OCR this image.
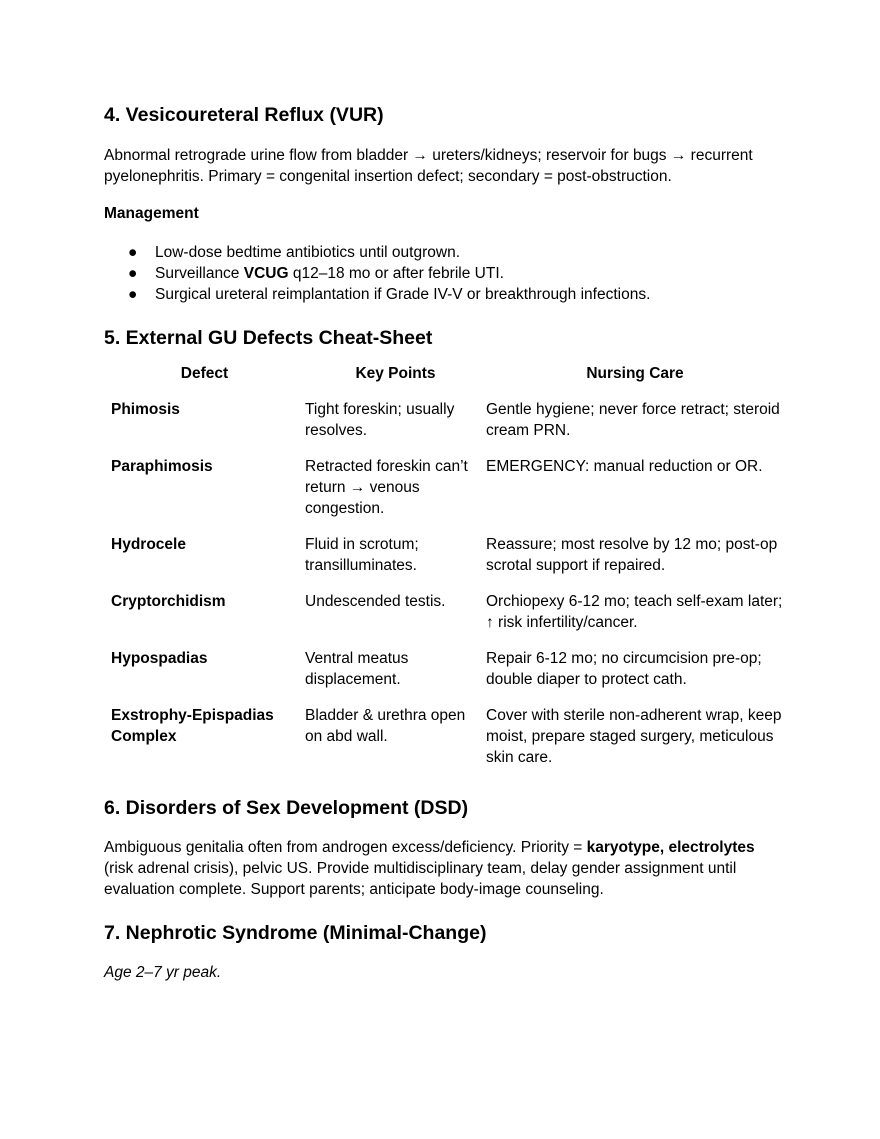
4. Vesicoureteral Reflux (VUR)

Abnormal retrograde urine flow from bladder → ureters/kidneys; reservoir for bugs → recurrent pyelonephritis. Primary = congenital insertion defect; secondary = post-obstruction.

Management
● Low-dose bedtime antibiotics until outgrown.
● Surveillance VCUG q12–18 mo or after febrile UTI.
● Surgical ureteral reimplantation if Grade IV-V or breakthrough infections.
5. External GU Defects Cheat-Sheet
Defect	Key Points	Nursing Care
Phimosis	Tight foreskin; usually resolves.	Gentle hygiene; never force retract; steroid cream PRN.
Paraphimosis	Retracted foreskin can’t return → venous congestion.	EMERGENCY: manual reduction or OR.
Hydrocele	Fluid in scrotum; transilluminates.	Reassure; most resolve by 12 mo; post-op scrotal support if repaired.
Cryptorchidism	Undescended testis.	Orchiopexy 6-12 mo; teach self-exam later; ↑ risk infertility/cancer.
Hypospadias	Ventral meatus displacement.	Repair 6-12 mo; no circumcision pre-op; double diaper to protect cath.
Exstrophy-Epispadias Complex	Bladder & urethra open on abd wall.	Cover with sterile non-adherent wrap, keep moist, prepare staged surgery, meticulous skin care.
6. Disorders of Sex Development (DSD)

Ambiguous genitalia often from androgen excess/deficiency. Priority = karyotype, electrolytes (risk adrenal crisis), pelvic US. Provide multidisciplinary team, delay gender assignment until evaluation complete. Support parents; anticipate body-image counseling.

7. Nephrotic Syndrome (Minimal-Change)

Age 2–7 yr peak.
